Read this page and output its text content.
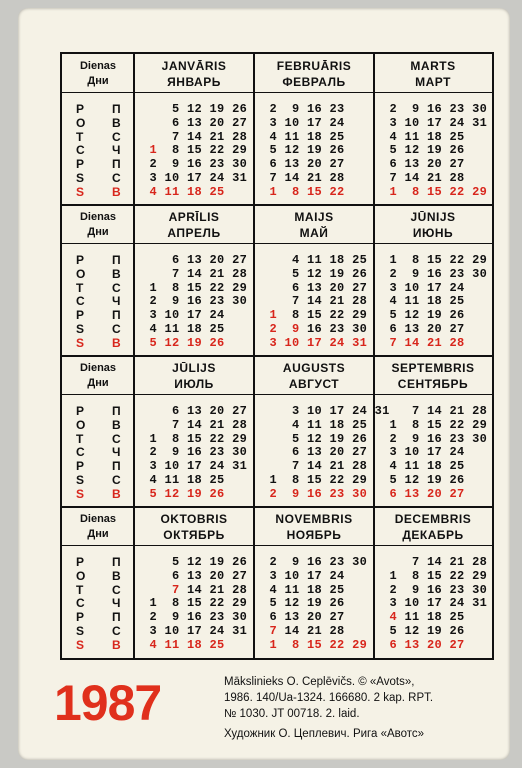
Dienas
Дни
P П
O В
T С
C Ч
P П
S С
S В
JANVĀRIS
ЯНВАРЬ
5 12 19 26
6 13 20 27
7 14 21 28
1  8 15 22 29
2  9 16 23 30
3 10 17 24 31
4 11 18 25
FEBRUĀRIS
ФЕВРАЛЬ
2  9 16 23
3 10 17 24
4 11 18 25
5 12 19 26
6 13 20 27
7 14 21 28
1  8 15 22
MARTS
МАРТ
2  9 16 23 30
3 10 17 24 31
4 11 18 25
5 12 19 26
6 13 20 27
7 14 21 28
1  8 15 22 29
Dienas
Дни
P П
O В
T С
C Ч
P П
S С
S В
APRĪLIS
АПРЕЛЬ
6 13 20 27
7 14 21 28
1  8 15 22 29
2  9 16 23 30
3 10 17 24
4 11 18 25
5 12 19 26
MAIJS
МАЙ
4 11 18 25
5 12 19 26
6 13 20 27
7 14 21 28
1  8 15 22 29
2  9 16 23 30
3 10 17 24 31
JŪNIJS
ИЮНЬ
1  8 15 22 29
2  9 16 23 30
3 10 17 24
4 11 18 25
5 12 19 26
6 13 20 27
7 14 21 28
Dienas
Дни
P П
O В
T С
C Ч
P П
S С
S В
JŪLIJS
ИЮЛЬ
6 13 20 27
7 14 21 28
1  8 15 22 29
2  9 16 23 30
3 10 17 24 31
4 11 18 25
5 12 19 26
AUGUSTS
АВГУСТ
3 10 17 24 31
4 11 18 25
5 12 19 26
6 13 20 27
7 14 21 28
1  8 15 22 29
2  9 16 23 30
SEPTEMBRIS
СЕНТЯБРЬ
7 14 21 28
1  8 15 22 29
2  9 16 23 30
3 10 17 24
4 11 18 25
5 12 19 26
6 13 20 27
Dienas
Дни
P П
O В
T С
C Ч
P П
S С
S В
OKTOBRIS
ОКТЯБРЬ
5 12 19 26
6 13 20 27
7 14 21 28
1  8 15 22 29
2  9 16 23 30
3 10 17 24 31
4 11 18 25
NOVEMBRIS
НОЯБРЬ
2  9 16 23 30
3 10 17 24
4 11 18 25
5 12 19 26
6 13 20 27
7 14 21 28
1  8 15 22 29
DECEMBRIS
ДЕКАБРЬ
7 14 21 28
1  8 15 22 29
2  9 16 23 30
3 10 17 24 31
4 11 18 25
5 12 19 26
6 13 20 27
1987	Mākslinieks O. Ceplēvičs. © «Avots»,
1986. 140/Ua-1324. 166680. 2 kap. RPT.
№ 1030. JT 00718. 2. laid.
Художник О. Цеплевич. Рига «Авотс»
